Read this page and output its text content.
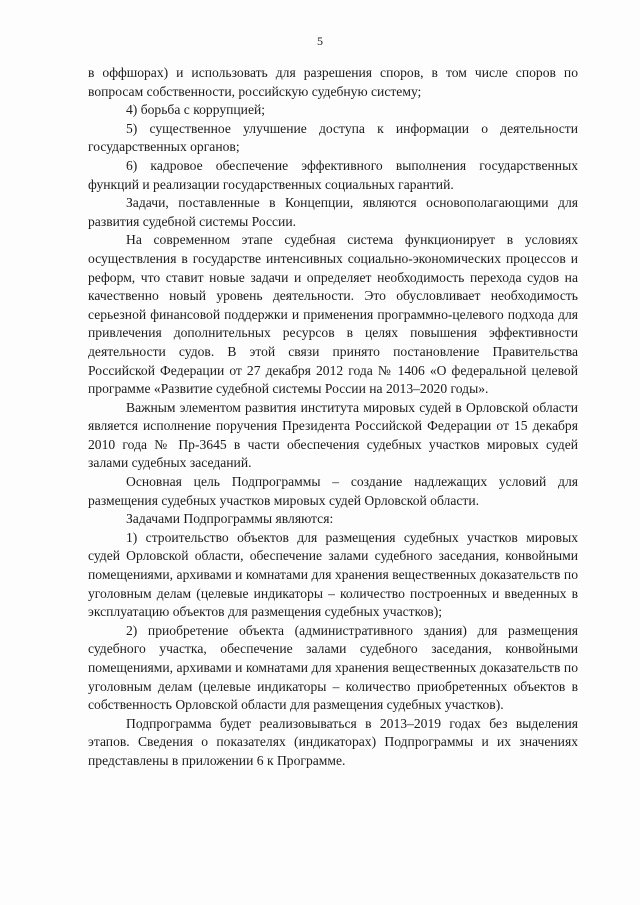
5

в оффшорах) и использовать для разрешения споров, в том числе споров по вопросам собственности, российскую судебную систему;

4) борьба с коррупцией;

5) существенное улучшение доступа к информации о деятельности государственных органов;

6) кадровое обеспечение эффективного выполнения государственных функций и реализации государственных социальных гарантий.

Задачи, поставленные в Концепции, являются основополагающими для развития судебной системы России.

На современном этапе судебная система функционирует в условиях осуществления в государстве интенсивных социально-экономических процессов и реформ, что ставит новые задачи и определяет необходимость перехода судов на качественно новый уровень деятельности. Это обусловливает необходимость серьезной финансовой поддержки и применения программно-целевого подхода для привлечения дополнительных ресурсов в целях повышения эффективности деятельности судов. В этой связи принято постановление Правительства Российской Федерации от 27 декабря 2012 года № 1406 «О федеральной целевой программе «Развитие судебной системы России на 2013–2020 годы».

Важным элементом развития института мировых судей в Орловской области является исполнение поручения Президента Российской Федерации от 15 декабря 2010 года № Пр-3645 в части обеспечения судебных участков мировых судей залами судебных заседаний.

Основная цель Подпрограммы – создание надлежащих условий для размещения судебных участков мировых судей Орловской области.

Задачами Подпрограммы являются:

1) строительство объектов для размещения судебных участков мировых судей Орловской области, обеспечение залами судебного заседания, конвойными помещениями, архивами и комнатами для хранения вещественных доказательств по уголовным делам (целевые индикаторы – количество построенных и введенных в эксплуатацию объектов для размещения судебных участков);

2) приобретение объекта (административного здания) для размещения судебного участка, обеспечение залами судебного заседания, конвойными помещениями, архивами и комнатами для хранения вещественных доказательств по уголовным делам (целевые индикаторы – количество приобретенных объектов в собственность Орловской области для размещения судебных участков).

Подпрограмма будет реализовываться в 2013–2019 годах без выделения этапов. Сведения о показателях (индикаторах) Подпрограммы и их значениях представлены в приложении 6 к Программе.
